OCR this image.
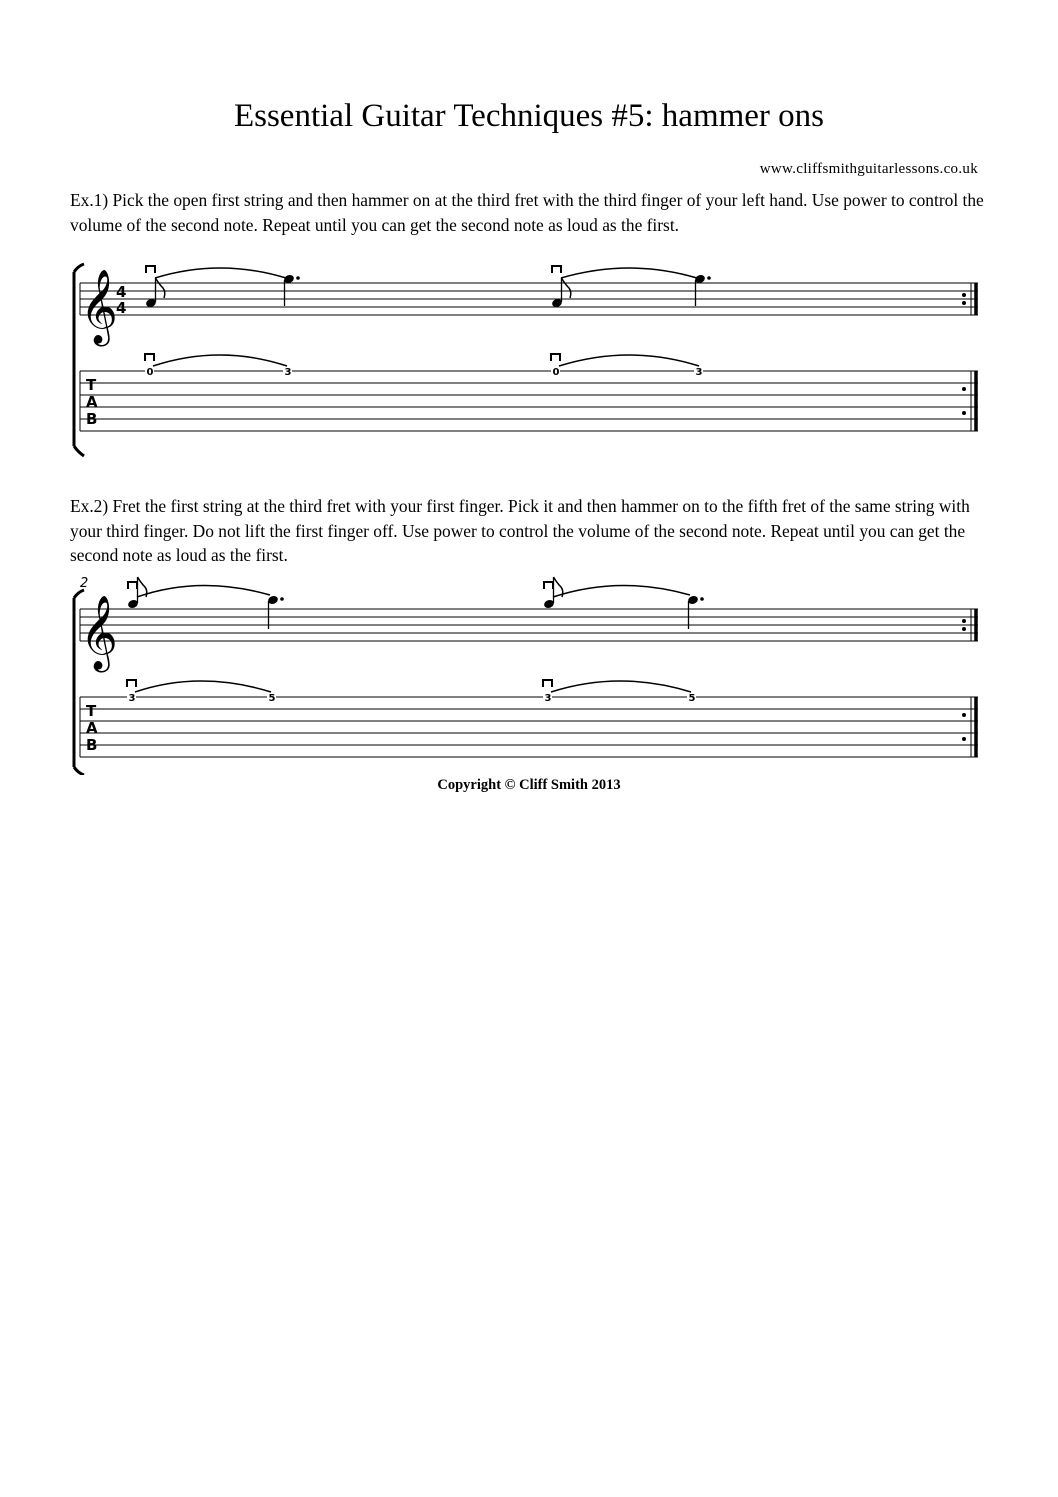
Essential Guitar Techniques #5: hammer ons
www.cliffsmithguitarlessons.co.uk

Ex.1) Pick the open first string and then hammer on at the third fret with the third finger of your left hand. Use power to control the volume of the second note. Repeat until you can get the second note as loud as the first.

𝄞
4
4
T
A
B
0	3	0	3

Ex.2) Fret the first string at the third fret with your first finger. Pick it and then hammer on to the fifth fret of the same string with your third finger. Do not lift the first finger off. Use power to control the volume of the second note. Repeat until you can get the second note as loud as the first.

2
𝄞
T
A
B
3	5	3	5
Copyright © Cliff Smith 2013
